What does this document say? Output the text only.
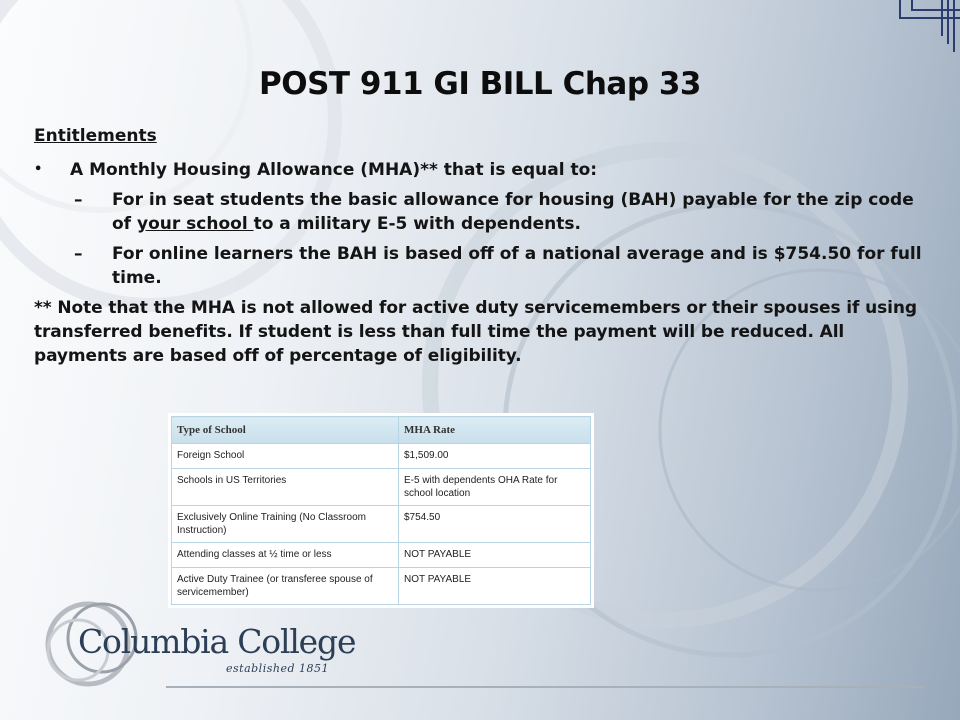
POST 911 GI BILL Chap 33
Entitlements
• A Monthly Housing Allowance (MHA)** that is equal to:
– For in seat students the basic allowance for housing (BAH) payable for the zip code of your school to a military E-5 with dependents.
– For online learners the BAH is based off of a national average and is $754.50 for full time.
** Note that the MHA is not allowed for active duty servicemembers or their spouses if using transferred benefits. If student is less than full time the payment will be reduced. All payments are based off of percentage of eligibility.
Type of School	MHA Rate
Foreign School	$1,509.00
Schools in US Territories	E-5 with dependents OHA Rate for school location
Exclusively Online Training (No Classroom Instruction)	$754.50
Attending classes at ½ time or less	NOT PAYABLE
Active Duty Trainee (or transferee spouse of servicemember)	NOT PAYABLE
Columbia College
established 1851
